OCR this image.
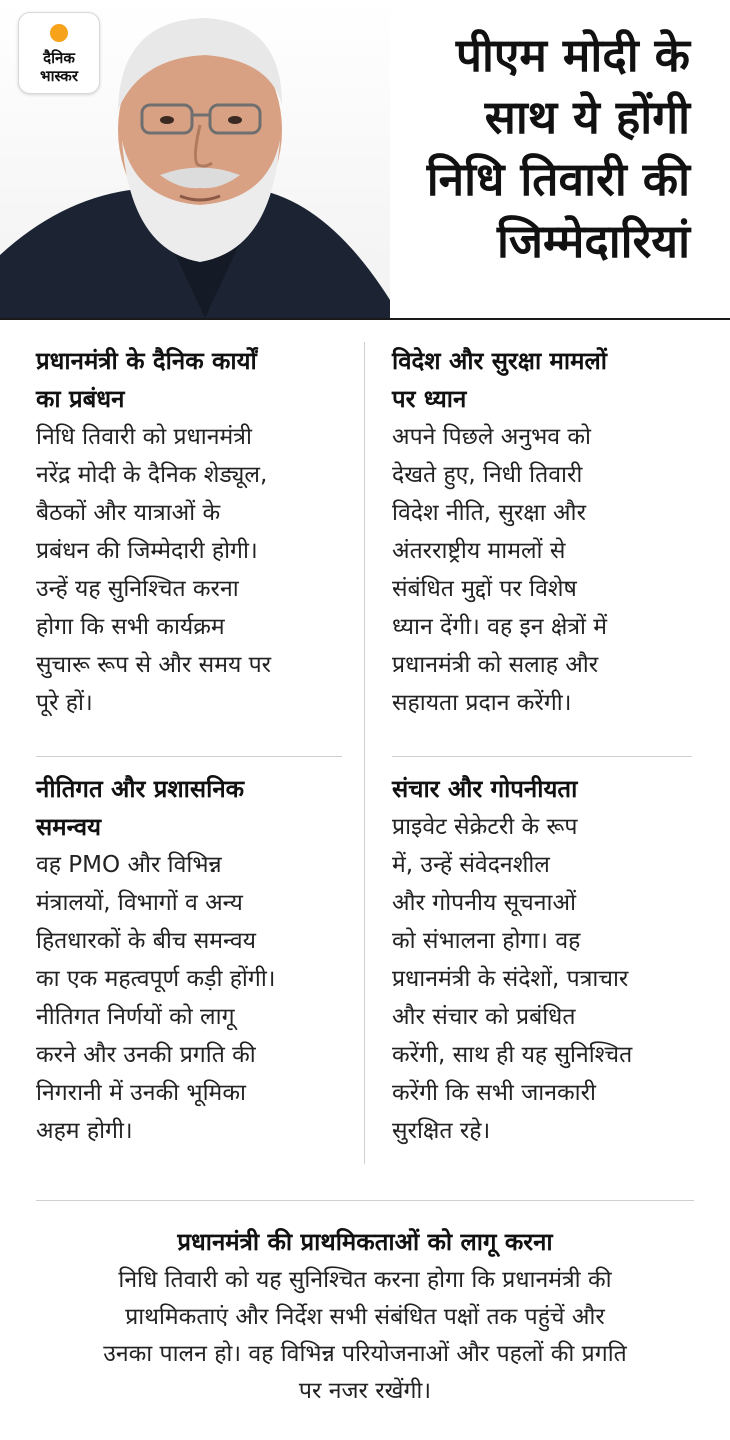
दैनिक
भास्कर	पीएम मोदी के
साथ ये होंगी
निधि तिवारी की
जिम्मेदारियां
प्रधानमंत्री के दैनिक कार्यों
का प्रबंधन

निधि तिवारी को प्रधानमंत्री
नरेंद्र मोदी के दैनिक शेड्यूल,
बैठकों और यात्राओं के
प्रबंधन की जिम्मेदारी होगी।
उन्हें यह सुनिश्चित करना
होगा कि सभी कार्यक्रम
सुचारू रूप से और समय पर
पूरे हों।

विदेश और सुरक्षा मामलों
पर ध्यान

अपने पिछले अनुभव को
देखते हुए, निधी तिवारी
विदेश नीति, सुरक्षा और
अंतरराष्ट्रीय मामलों से
संबंधित मुद्दों पर विशेष
ध्यान देंगी। वह इन क्षेत्रों में
प्रधानमंत्री को सलाह और
सहायता प्रदान करेंगी।

नीतिगत और प्रशासनिक
समन्वय

वह PMO और विभिन्न
मंत्रालयों, विभागों व अन्य
हितधारकों के बीच समन्वय
का एक महत्वपूर्ण कड़ी होंगी।
नीतिगत निर्णयों को लागू
करने और उनकी प्रगति की
निगरानी में उनकी भूमिका
अहम होगी।

संचार और गोपनीयता

प्राइवेट सेक्रेटरी के रूप
में, उन्हें संवेदनशील
और गोपनीय सूचनाओं
को संभालना होगा। वह
प्रधानमंत्री के संदेशों, पत्राचार
और संचार को प्रबंधित
करेंगी, साथ ही यह सुनिश्चित
करेंगी कि सभी जानकारी
सुरक्षित रहे।

प्रधानमंत्री की प्राथमिकताओं को लागू करना

निधि तिवारी को यह सुनिश्चित करना होगा कि प्रधानमंत्री की
प्राथमिकताएं और निर्देश सभी संबंधित पक्षों तक पहुंचें और
उनका पालन हो। वह विभिन्न परियोजनाओं और पहलों की प्रगति
पर नजर रखेंगी।
